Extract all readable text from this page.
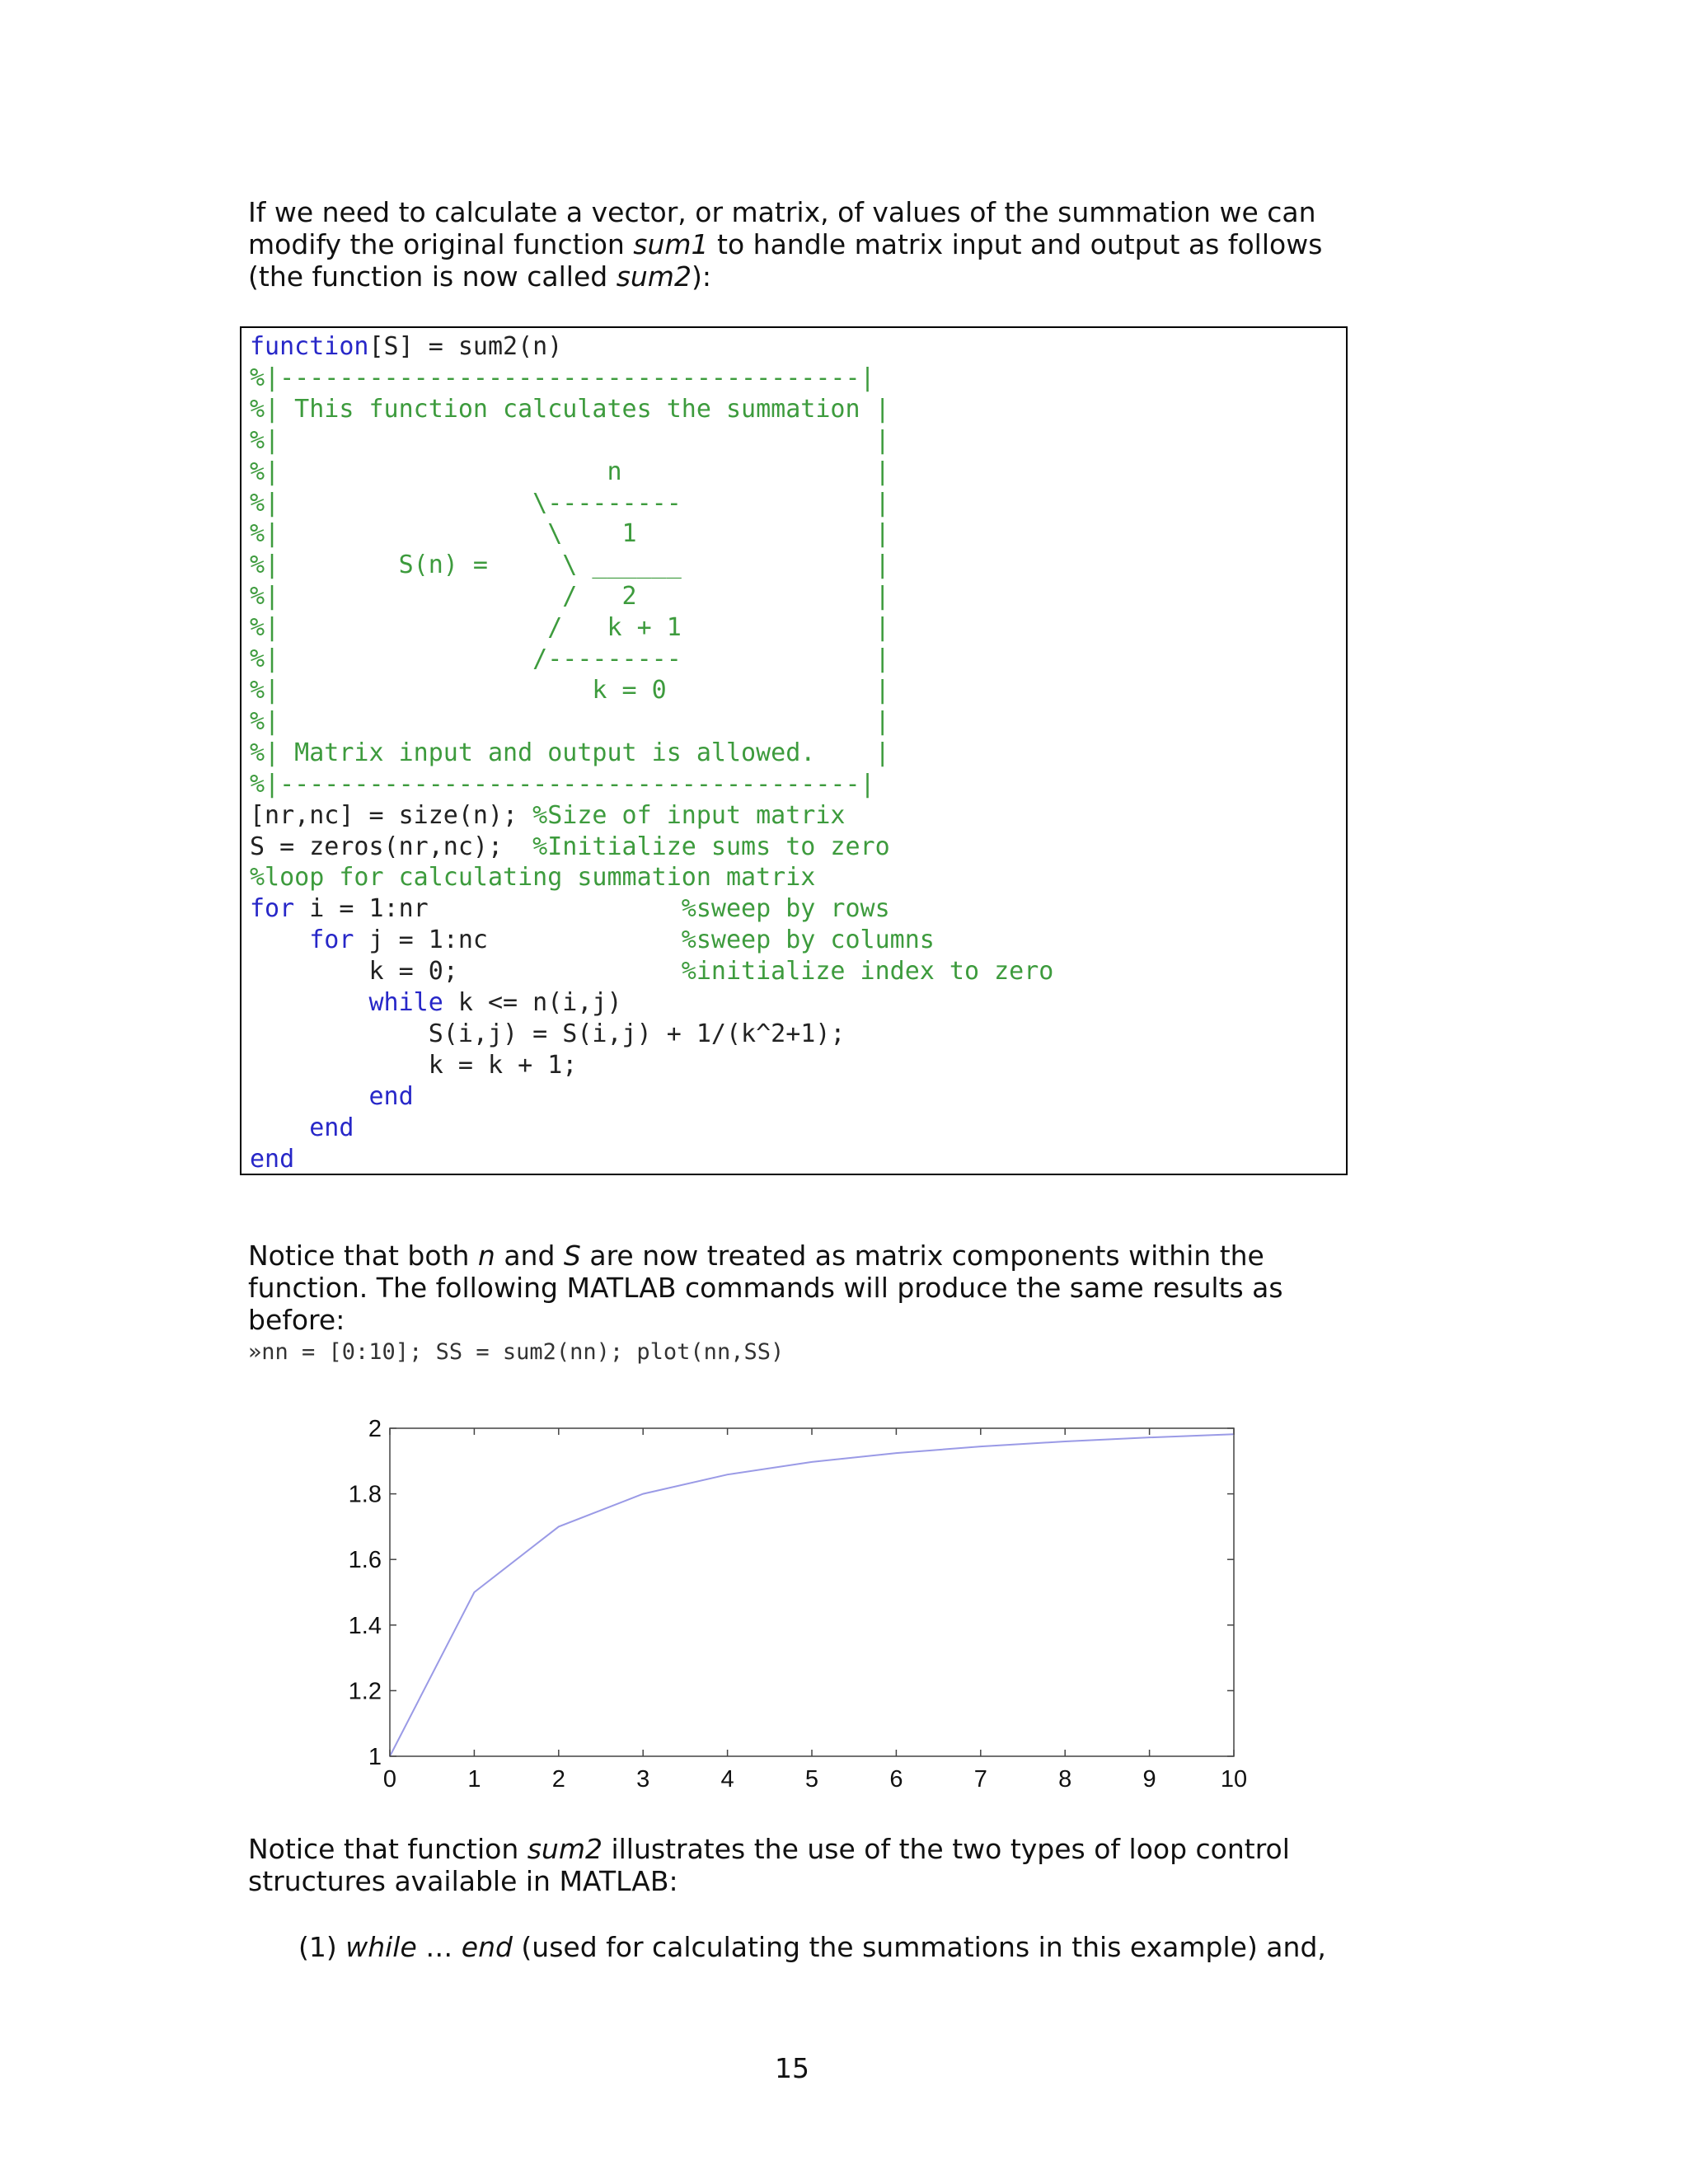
If we need to calculate a vector, or matrix, of values of the summation we can modify the original function sum1 to handle matrix input and output as follows (the function is now called sum2):

function[S] = sum2(n)
%|---------------------------------------|
%| This function calculates the summation |
%|                                        |
%|                      n                 |
%|                 \---------             |
%|                  \    1                |
%|        S(n) =     \ ______             |
%|                   /   2                |
%|                  /   k + 1             |
%|                 /---------             |
%|                     k = 0              |
%|                                        |
%| Matrix input and output is allowed.    |
%|---------------------------------------|
[nr,nc] = size(n); %Size of input matrix
S = zeros(nr,nc);  %Initialize sums to zero
%loop for calculating summation matrix
for i = 1:nr                 %sweep by rows
for j = 1:nc             %sweep by columns
k = 0;               %initialize index to zero
while k <= n(i,j)
S(i,j) = S(i,j) + 1/(k^2+1);
k = k + 1;
end
end
end

Notice that both n and S are now treated as matrix components within the function. The following MATLAB commands will produce the same results as before:

»nn = [0:10]; SS = sum2(nn); plot(nn,SS)
0	1	2	3	4	5	6	7	8	9	10
1
1.2
1.4
1.6
1.8
2

Notice that function sum2 illustrates the use of the two types of loop control structures available in MATLAB:

(1) while … end (used for calculating the summations in this example) and,
15
